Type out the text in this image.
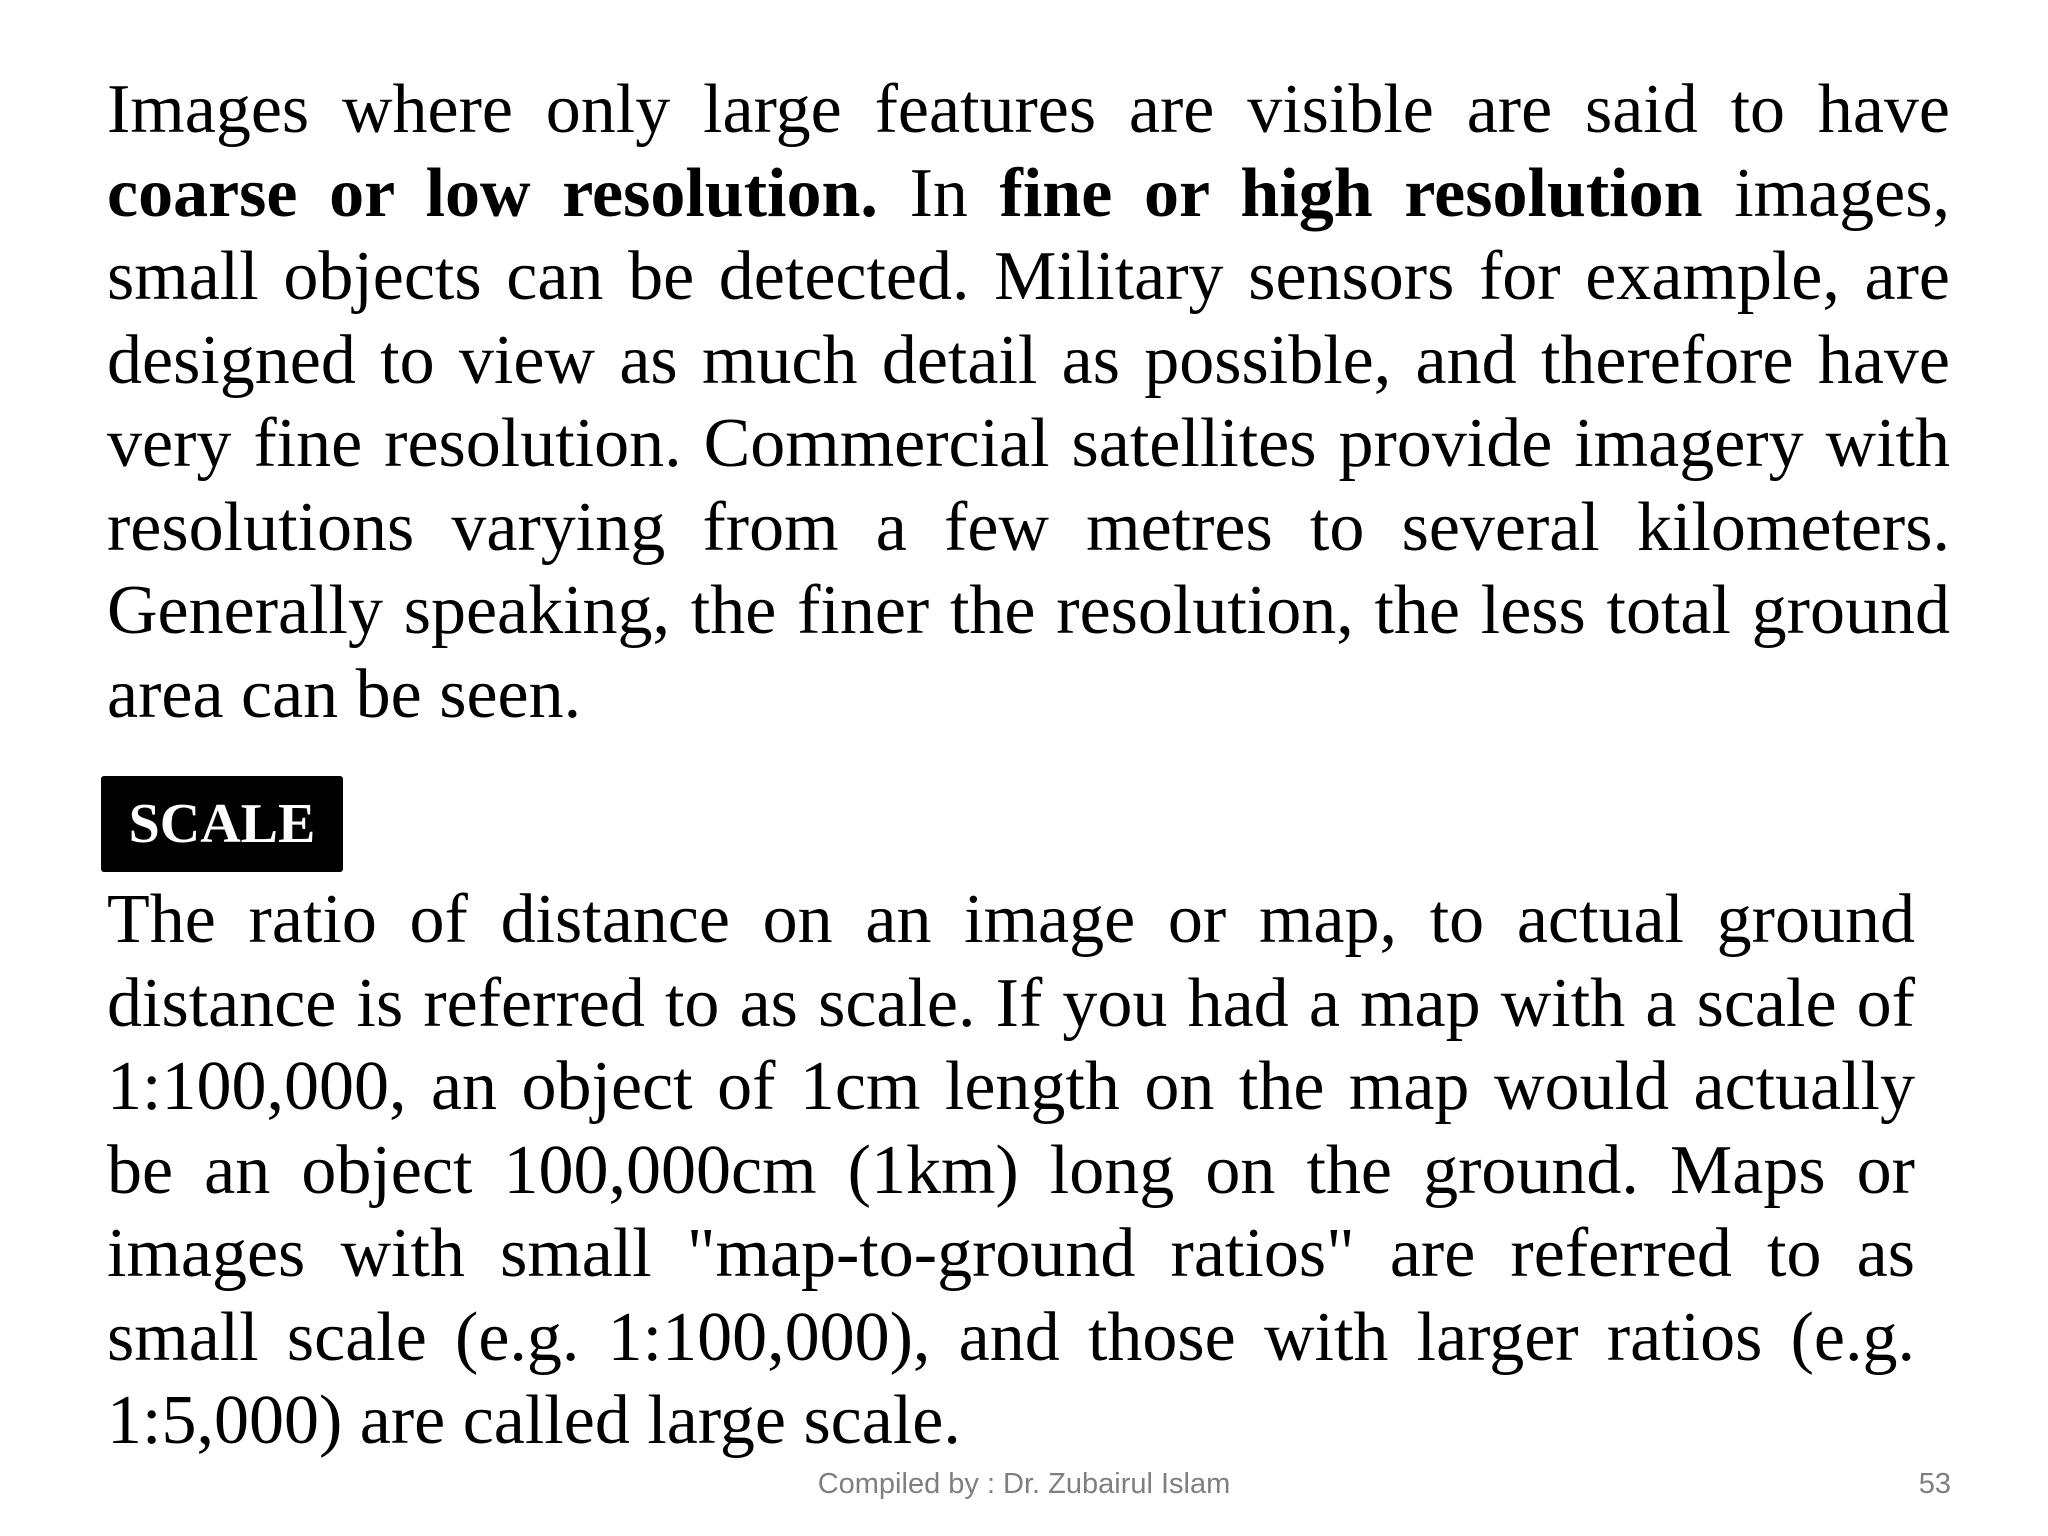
Images where only large features are visible are said to have coarse or low resolution. In fine or high resolution images, small objects can be detected. Military sensors for example, are designed to view as much detail as possible, and therefore have very fine resolution. Commercial satellites provide imagery with resolutions varying from a few metres to several kilometers. Generally speaking, the finer the resolution, the less total ground area can be seen.

SCALE

The ratio of distance on an image or map, to actual ground distance is referred to as scale. If you had a map with a scale of 1:100,000, an object of 1cm length on the map would actually be an object 100,000cm (1km) long on the ground. Maps or images with small "map-to-ground ratios" are referred to as small scale (e.g. 1:100,000), and those with larger ratios (e.g. 1:5,000) are called large scale.

Compiled by : Dr. Zubairul Islam	53
